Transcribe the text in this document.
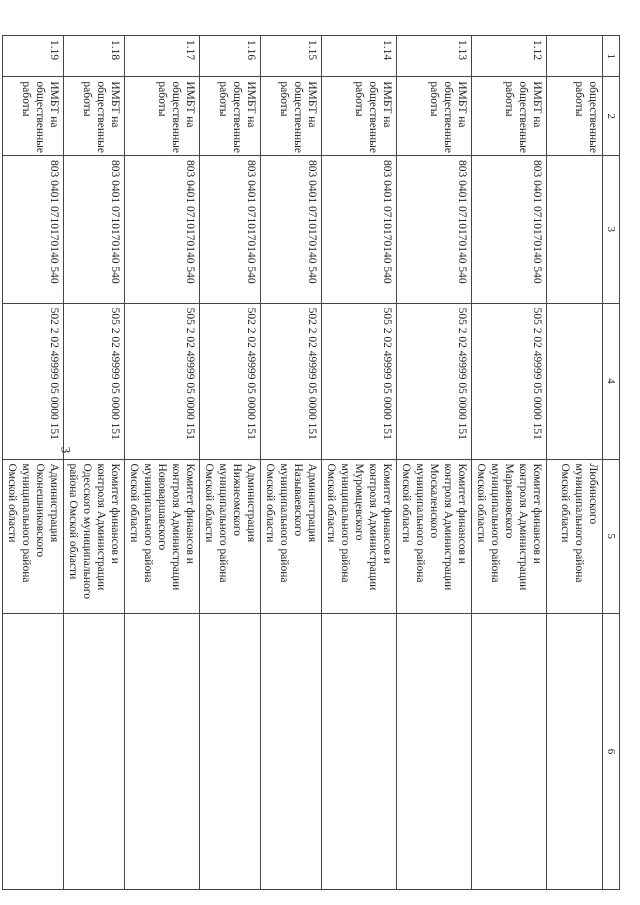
3
1	2	3	4	5	6
	общественные работы			Любинского муниципального района Омской области	
1.12	ИМБТ на общественные работы	803 0401 0710170140 540	505 2 02 49999 05 0000 151	Комитет финансов и контроля Администрации Марьяновского муниципального района Омской области	
1.13	ИМБТ на общественные работы	803 0401 0710170140 540	505 2 02 49999 05 0000 151	Комитет финансов и контроля Администрации Москаленского муниципального района Омской области	
1.14	ИМБТ на общественные работы	803 0401 0710170140 540	505 2 02 49999 05 0000 151	Комитет финансов и контроля Администрации Муромцевского муниципального района Омской области	
1.15	ИМБТ на общественные работы	803 0401 0710170140 540	502 2 02 49999 05 0000 151	Администрация Называевского муниципального района Омской области	
1.16	ИМБТ на общественные работы	803 0401 0710170140 540	502 2 02 49999 05 0000 151	Администрация Нижнеомского муниципального района Омской области	
1.17	ИМБТ на общественные работы	803 0401 0710170140 540	505 2 02 49999 05 0000 151	Комитет финансов и контроля Администрации Нововаршавского муниципального района Омской области	
1.18	ИМБТ на общественные работы	803 0401 0710170140 540	505 2 02 49999 05 0000 151	Комитет финансов и контроля Администрации Одесского муниципального района Омской области	
1.19	ИМБТ на общественные работы	803 0401 0710170140 540	502 2 02 49999 05 0000 151	Администрация Оконешниковского муниципального района Омской области	
